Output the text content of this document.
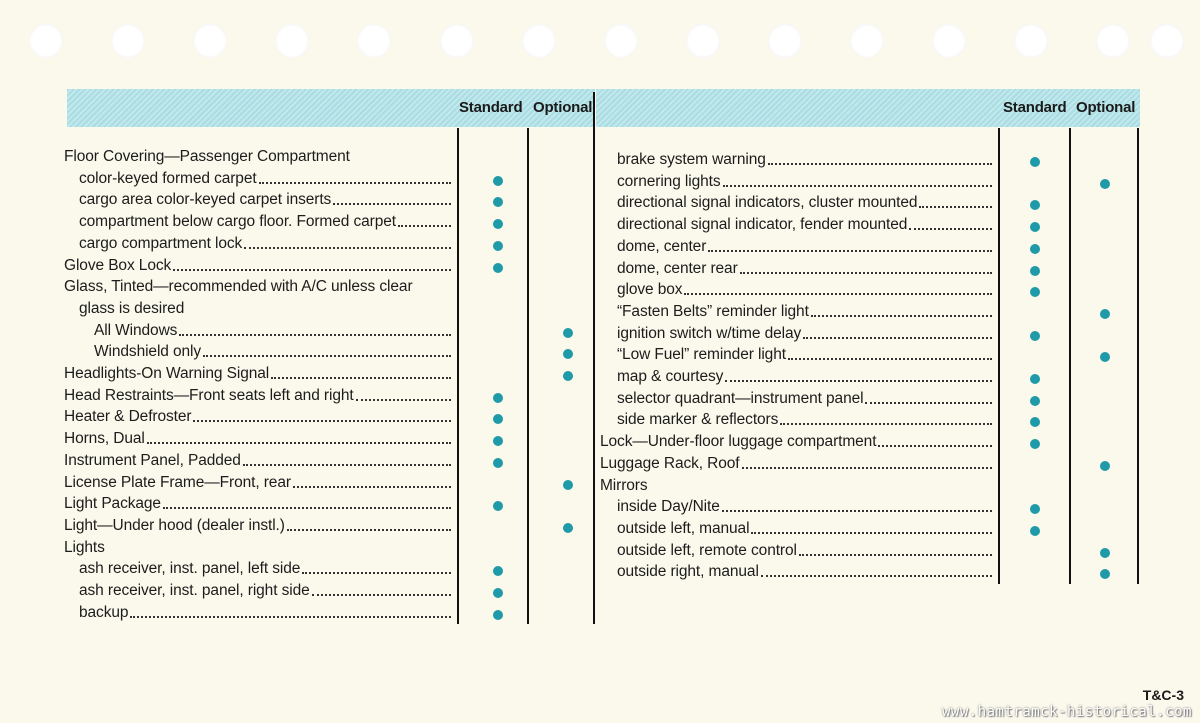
Standard Optional	Standard Optional
Floor Covering—Passenger Compartment
color-keyed formed carpet
cargo area color-keyed carpet inserts
compartment below cargo floor. Formed carpet
cargo compartment lock
Glove Box Lock
Glass, Tinted—recommended with A/C unless clear
glass is desired
All Windows
Windshield only
Headlights-On Warning Signal
Head Restraints—Front seats left and right
Heater & Defroster
Horns, Dual
Instrument Panel, Padded
License Plate Frame—Front, rear
Light Package
Light—Under hood (dealer instl.)
Lights
ash receiver, inst. panel, left side
ash receiver, inst. panel, right side
backup
brake system warning
cornering lights
directional signal indicators, cluster mounted
directional signal indicator, fender mounted
dome, center
dome, center rear
glove box
“Fasten Belts” reminder light
ignition switch w/time delay
“Low Fuel” reminder light
map & courtesy
selector quadrant—instrument panel
side marker & reflectors
Lock—Under-floor luggage compartment
Luggage Rack, Roof
Mirrors
inside Day/Nite
outside left, manual
outside left, remote control
outside right, manual
T&C-3
www.hamtramck-historical.com
